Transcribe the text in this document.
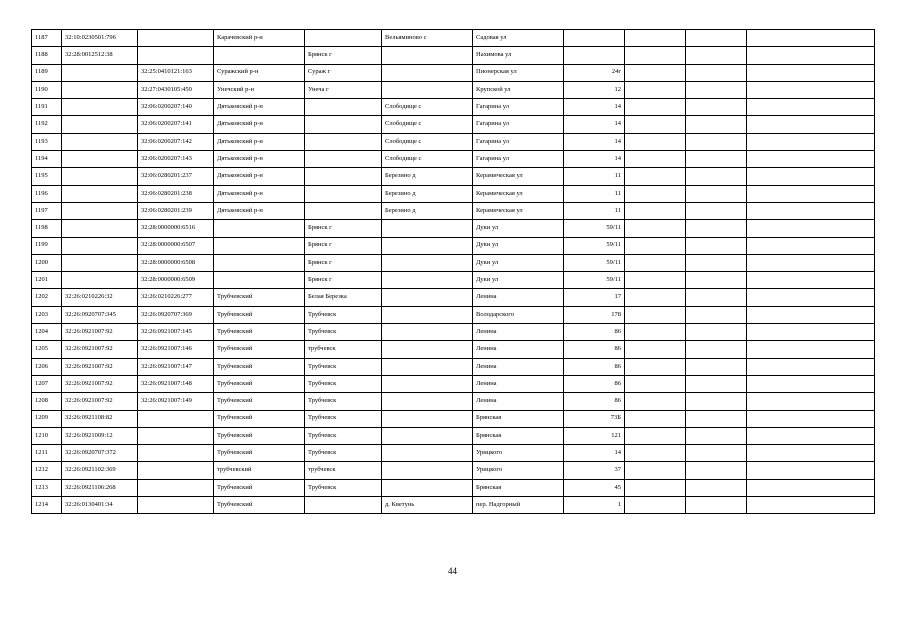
1187	32:10:0230501:796		Карачевский р-н		Вельяминово с	Садовая ул				
1188	32:28:0012512:38			Брянск г		Нахимова ул				
1189		32:25:0410121:163	Суражский р-н	Сураж г		Пионерская ул	24г			
1190		32:27:0430105:450	Унечский р-н	Унеча г		Крупской ул	12			
1191		32:06:0200207:140	Дятьковский р-н		Слободище с	Гагарина ул	14			
1192		32:06:0200207:141	Дятьковский р-н		Слободище с	Гагарина ул	14			
1193		32:06:0200207:142	Дятьковский р-н		Слободище с	Гагарина ул	14			
1194		32:06:0200207:143	Дятьковский р-н		Слободище с	Гагарина ул	14			
1195		32:06:0280201:237	Дятьковский р-н		Березино д	Керамическая ул	11			
1196		32:06:0280201:238	Дятьковский р-н		Березино д	Керамическая ул	11			
1197		32:06:0280201:239	Дятьковский р-н		Березино д	Керамическая ул	11			
1198		32:28:0000000:6516		Брянск г		Дуки ул	59/11			
1199		32:28:0000000:6507		Брянск г		Дуки ул	59/11			
1200		32:28:0000000:6508		Брянск г		Дуки ул	59/11			
1201		32:28:0000000:6509		Брянск г		Дуки ул	59/11			
1202	32:26:0210226:32	32:26:0210226:277	Трубчевский	Белая Березка		Ленина	17			
1203	32:26:0920707:345	32:26:0920707:369	Трубчевский	Трубчевск		Володарского	178			
1204	32:26:0921007:92	32:26:0921007:145	Трубчевский	Трубчевск		Ленина	86			
1205	32:26:0921007:92	32:26:0921007:146	Трубчевский	трубчевск		Ленина	86			
1206	32:26:0921007:92	32:26:0921007:147	Трубчевский	Трубчевск		Ленина	86			
1207	32:26:0921007:92	32:26:0921007:148	Трубчевский	Трубчевск		Ленина	86			
1208	32:26:0921007:92	32:26:0921007:149	Трубчевский	Трубчевск		Ленина	86			
1209	32:26:0921108:82		Трубчевский	Трубчевск		Брянская	73Б			
1210	32:26:0921009:12		Трубчевский	Трубчевск		Брянская	121			
1211	32:26:0920707:372		Трубчевский	Трубчевск		Урицкого	14			
1212	32:26:0921102:369		трубчевский	трубчевск		Урицкого	37			
1213	32:26:0921106:268		Трубчевский	Трубчевск		Брянская	45			
1214	32:26:0130401:34		Трубчевский		д. Кветунь	пер. Надгорный	1			
44
